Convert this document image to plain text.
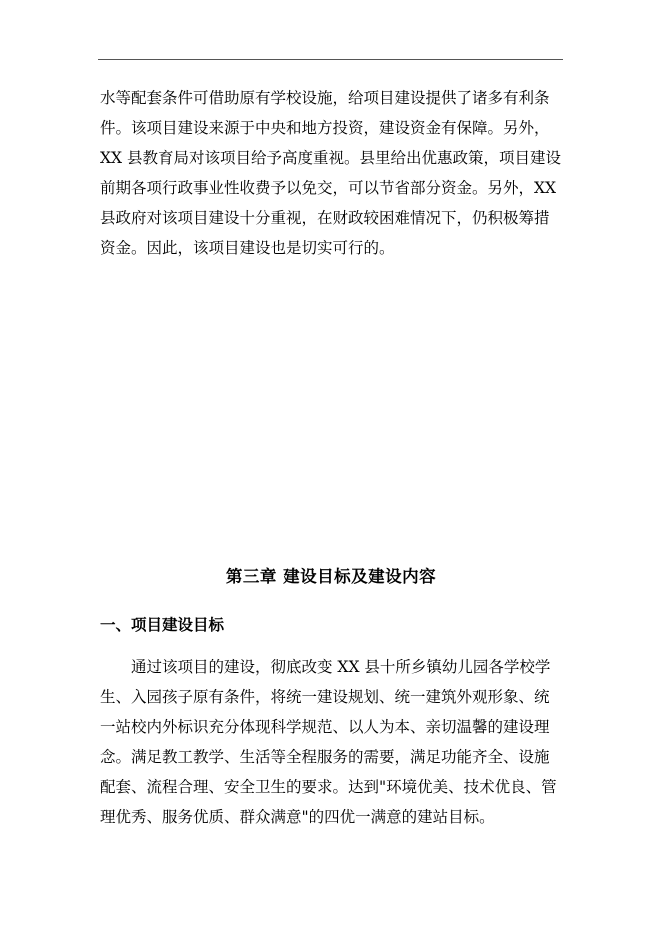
水等配套条件可借助原有学校设施，给项目建设提供了诸多有利条
件。该项目建设来源于中央和地方投资，建设资金有保障。另外，
XX 县教育局对该项目给予高度重视。县里给出优惠政策，项目建设
前期各项行政事业性收费予以免交，可以节省部分资金。另外，XX
县政府对该项目建设十分重视，在财政较困难情况下，仍积极筹措
资金。因此，该项目建设也是切实可行的。
第三章 建设目标及建设内容
一、项目建设目标
　　通过该项目的建设，彻底改变 XX 县十所乡镇幼儿园各学校学
生、入园孩子原有条件，将统一建设规划、统一建筑外观形象、统
一站校内外标识充分体现科学规范、以人为本、亲切温馨的建设理
念。满足教工教学、生活等全程服务的需要，满足功能齐全、设施
配套、流程合理、安全卫生的要求。达到"环境优美、技术优良、管
理优秀、服务优质、群众满意"的四优一满意的建站目标。
